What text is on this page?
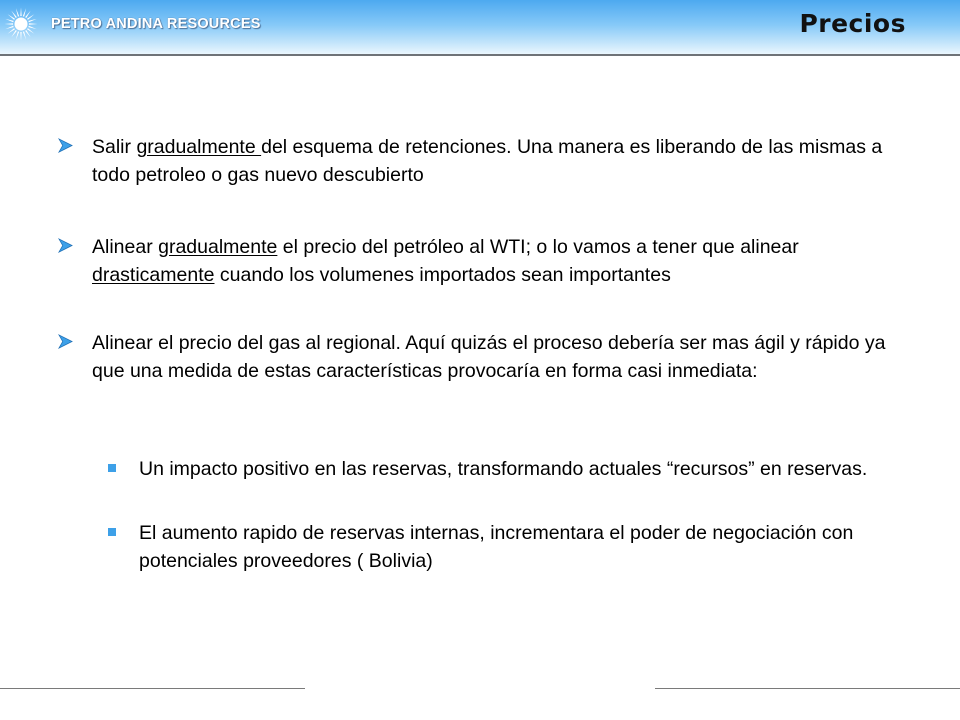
PETRO ANDINA RESOURCES	Precios
Salir gradualmente del esquema de retenciones. Una manera es liberando de las mismas a todo petroleo o gas nuevo descubierto
Alinear gradualmente el precio del petróleo al WTI; o lo vamos a tener que alinear drasticamente cuando los volumenes importados sean importantes
Alinear el precio del gas al regional. Aquí quizás el proceso debería ser mas ágil y rápido ya que una medida de estas características provocaría en forma casi inmediata:
Un impacto positivo en las reservas, transformando actuales “recursos” en reservas.
El aumento rapido de reservas internas, incrementara el poder de negociación con potenciales proveedores ( Bolivia)
